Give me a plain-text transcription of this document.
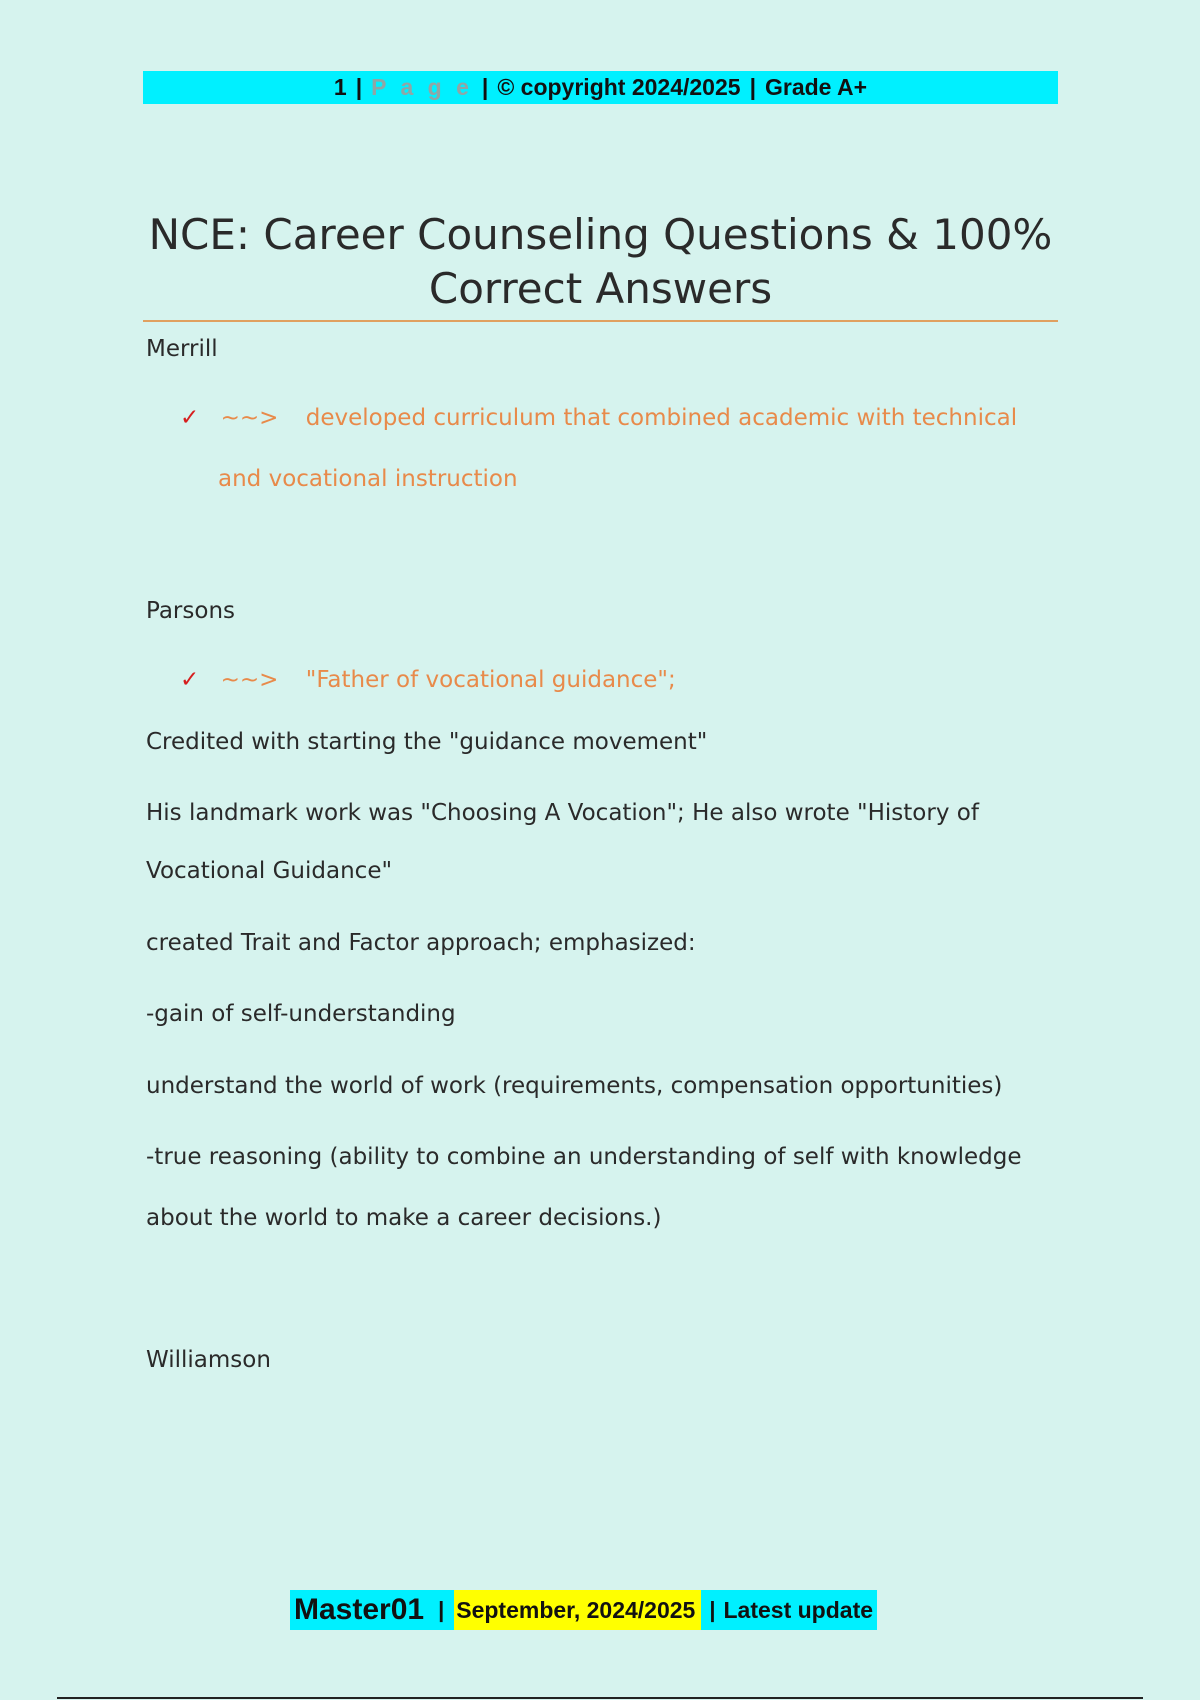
1 | P a g e | © copyright 2024/2025 | Grade A+
NCE: Career Counseling Questions & 100%
Correct Answers
Merrill
✓ ~~> developed curriculum that combined academic with technical
and vocational instruction
Parsons
✓ ~~> "Father of vocational guidance";
Credited with starting the "guidance movement"
His landmark work was "Choosing A Vocation"; He also wrote "History of
Vocational Guidance"
created Trait and Factor approach; emphasized:
-gain of self-understanding
understand the world of work (requirements, compensation opportunities)
-true reasoning (ability to combine an understanding of self with knowledge
about the world to make a career decisions.)
Williamson
Master01 | September, 2024/2025 | Latest update
